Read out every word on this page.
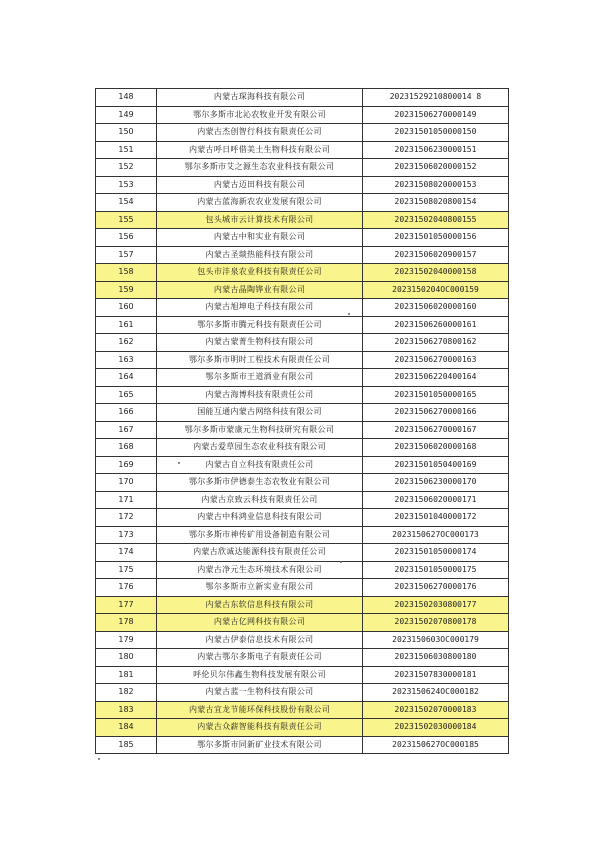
148	内蒙古琛海科技有限公司	20231529210800014 8
149	鄂尔多斯市北沁农牧业开发有限公司	20231506270000149
150	内蒙古杰创智行科技有限责任公司	20231501050000150
151	内蒙古呼日呼借美土生物科技有限公司	20231506230000151
152	鄂尔多斯市艾之源生态农业科技有限公司	20231506020000152
153	内蒙古迈田科技有限公司	20231508020000153
154	内蒙古蓝海新农农业发展有限公司	20231508020800154
155	包头城市云计算技术有限公司	20231502040800155
156	内蒙古中和实业有限公司	20231501050000156
157	内蒙古圣燚热能科技有限公司	20231506020900157
158	包头市沣泉农业科技有限责任公司	20231502040000158
159	内蒙古晶陶铧业有限公司	2023150204OC000159
160	内蒙古旭坤电子科技有限公司	20231506020000160
161	鄂尔多斯市腾元科技有限责任公司	20231506260000161
162	内蒙古蒙菁生物科技有限公司	20231506270800162
163	鄂尔多斯市明时工程技术有限责任公司	20231506270000163
164	鄂尔多斯市王道酒业有限公司	20231506220400164
165	内蒙古海博科技有限责任公司	20231501050000165
166	国能互通内蒙古网络科技有限公司	20231506270000166
167	鄂尔多斯市蒙康元生物科技研究有限公司	20231506270000167
168	内蒙古爱草园生态农业科技有限公司	20231506020000168
169	内蒙古自立科技有限责任公司	20231501050400169
170	鄂尔多斯市伊德泰生态农牧业有限公司	20231506230000170
171	内蒙古京致云科技有限责任公司	20231506020000171
172	内蒙古中科鸿业信息科技有限公司	20231501040000172
173	鄂尔多斯市神传矿用设备制造有限公司	2023150627OC000173
174	内蒙古欣诚达能源科技有限责任公司	20231501050000174
175	内蒙古净元生态环境技术有限公司	20231501050000175
176	鄂尔多斯市立新实业有限公司	20231506270000176
177	内蒙古东软信息科技有限公司	20231502030800177
178	内蒙古亿网科技有限公司	20231502070800178
179	内蒙古伊泰信息技术有限公司	2023150603OC000179
180	内蒙古鄂尔多斯电子有限责任公司	20231506030800180
181	呼伦贝尔伟鑫生物科技发展有限公司	20231507830000181
182	内蒙古蓝一生物科技有限公司	2023150624OC000182
183	内蒙古宜龙节能环保科技股份有限公司	20231502070000183
184	内蒙古众薪智能科技有限责任公司	20231502030000184
185	鄂尔多斯市同新矿业技术有限公司	2023150627OC000185
